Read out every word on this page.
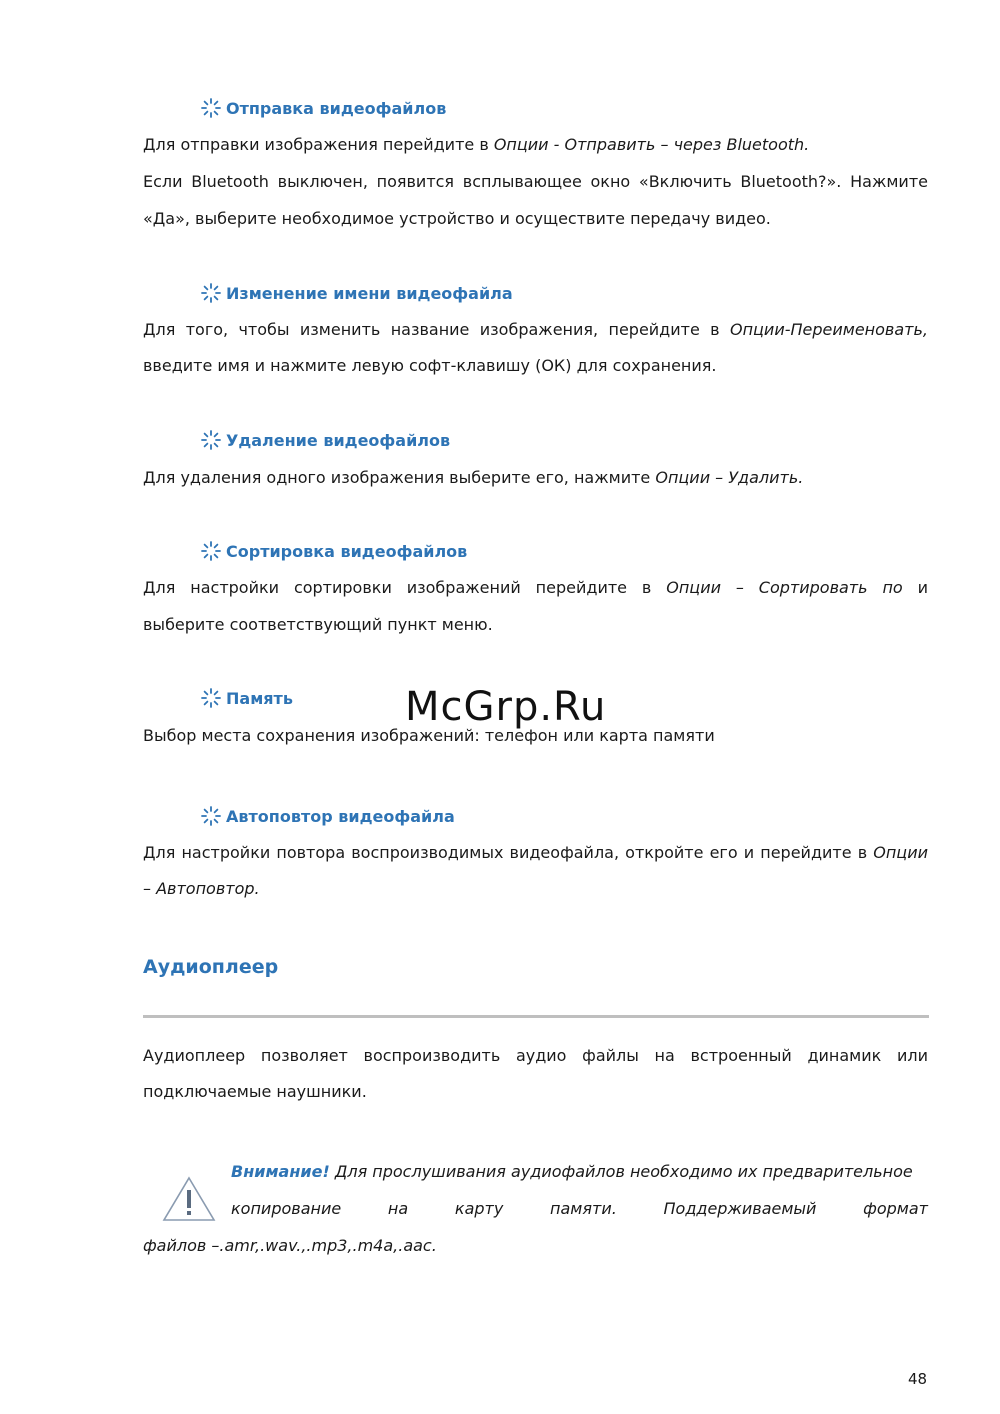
Отправка видеофайлов
Для отправки изображения перейдите в Опции - Отправить – через Bluetooth.
Если Bluetooth выключен, появится всплывающее окно «Включить Bluetooth?». Нажмите
«Да», выберите необходимое устройство и осуществите передачу видео.
Изменение имени видеофайла
Для того, чтобы изменить название изображения, перейдите в Опции-Переименовать,
введите имя и нажмите левую софт-клавишу (ОК) для сохранения.
Удаление видеофайлов
Для удаления одного изображения выберите его, нажмите Опции – Удалить.
Сортировка видеофайлов
Для настройки сортировки изображений перейдите в Опции – Сортировать по и
выберите соответствующий пункт меню.
Память
Выбор места сохранения изображений: телефон или карта памяти
Автоповтор видеофайла
Для настройки повтора воспроизводимых видеофайла, откройте его и перейдите в Опции
– Автоповтор.
Аудиоплеер
Аудиоплеер позволяет воспроизводить аудио файлы на встроенный динамик или
подключаемые наушники.
Внимание! Для прослушивания аудиофайлов необходимо их предварительное
копирование на карту памяти. Поддерживаемый формат
файлов –.amr,.wav.,.mp3,.m4a,.aac.
McGrp.Ru
48
